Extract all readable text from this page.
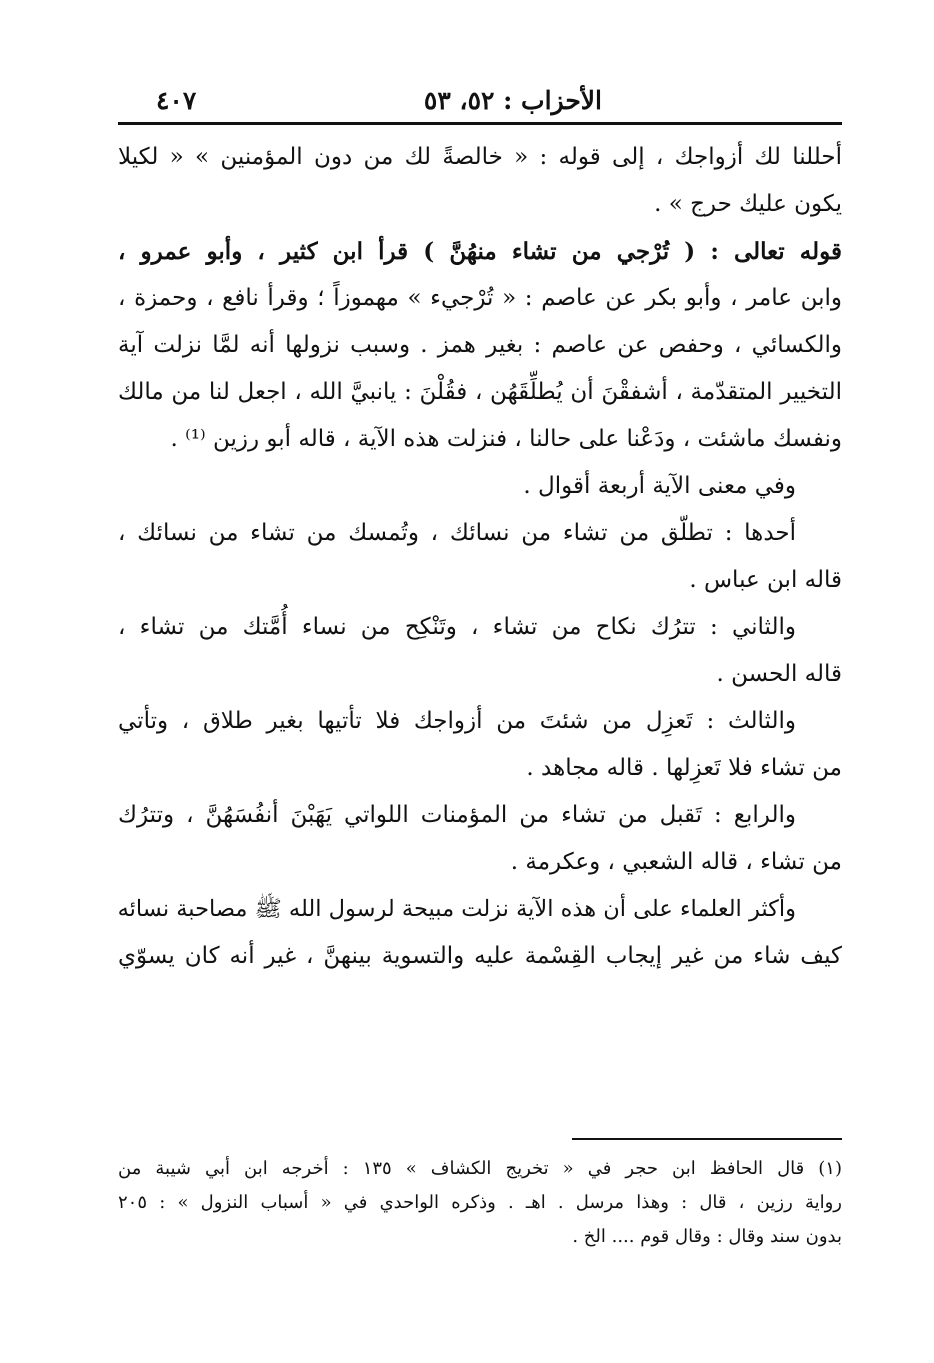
الأحزاب : ٥٢، ٥٣
٤٠٧
أحللنا لك أزواجك ، إلى قوله : « خالصةً لك من دون المؤمنين » « لكيلا
يكون عليك حرج » .
قوله تعالى : ( تُرْجي من تشاء منهُنَّ ) قرأ ابن كثير ، وأبو عمرو ،
وابن عامر ، وأبو بكر عن عاصم : « تُرْجيء » مهموزاً ؛ وقرأ نافع ، وحمزة ،
والكسائي ، وحفص عن عاصم : بغير همز . وسبب نزولها أنه لمَّا نزلت آية
التخيير المتقدّمة ، أشفقْنَ أن يُطلِّقَهُن ، فقُلْنَ : يانبيَّ الله ، اجعل لنا من مالك
ونفسك ماشئت ، ودَعْنا على حالنا ، فنزلت هذه الآية ، قاله أبو رزين ⁽¹⁾ .
وفي معنى الآية أربعة أقوال .
أحدها : تطلّق من تشاء من نسائك ، وتُمسك من تشاء من نسائك ،
قاله ابن عباس .
والثاني : تترُك نكاح من تشاء ، وتَنْكِح من نساء أُمَّتك من تشاء ،
قاله الحسن .
والثالث : تَعزِل من شئتَ من أزواجك فلا تأتيها بغير طلاق ، وتأتي
من تشاء فلا تَعزِلها . قاله مجاهد .
والرابع : تَقبل من تشاء من المؤمنات اللواتي يَهَبْنَ أنفُسَهُنَّ ، وتترُك
من تشاء ، قاله الشعبي ، وعكرمة .
وأكثر العلماء على أن هذه الآية نزلت مبيحة لرسول الله ﷺ مصاحبة نسائه
كيف شاء من غير إيجاب القِسْمة عليه والتسوية بينهنَّ ، غير أنه كان يسوّي
(١) قال الحافظ ابن حجر في « تخريج الكشاف » ١٣٥ : أخرجه ابن أبي شيبة من
رواية رزين ، قال : وهذا مرسل . اهـ . وذكره الواحدي في « أسباب النزول » : ٢٠٥
بدون سند وقال : وقال قوم .... الخ .
